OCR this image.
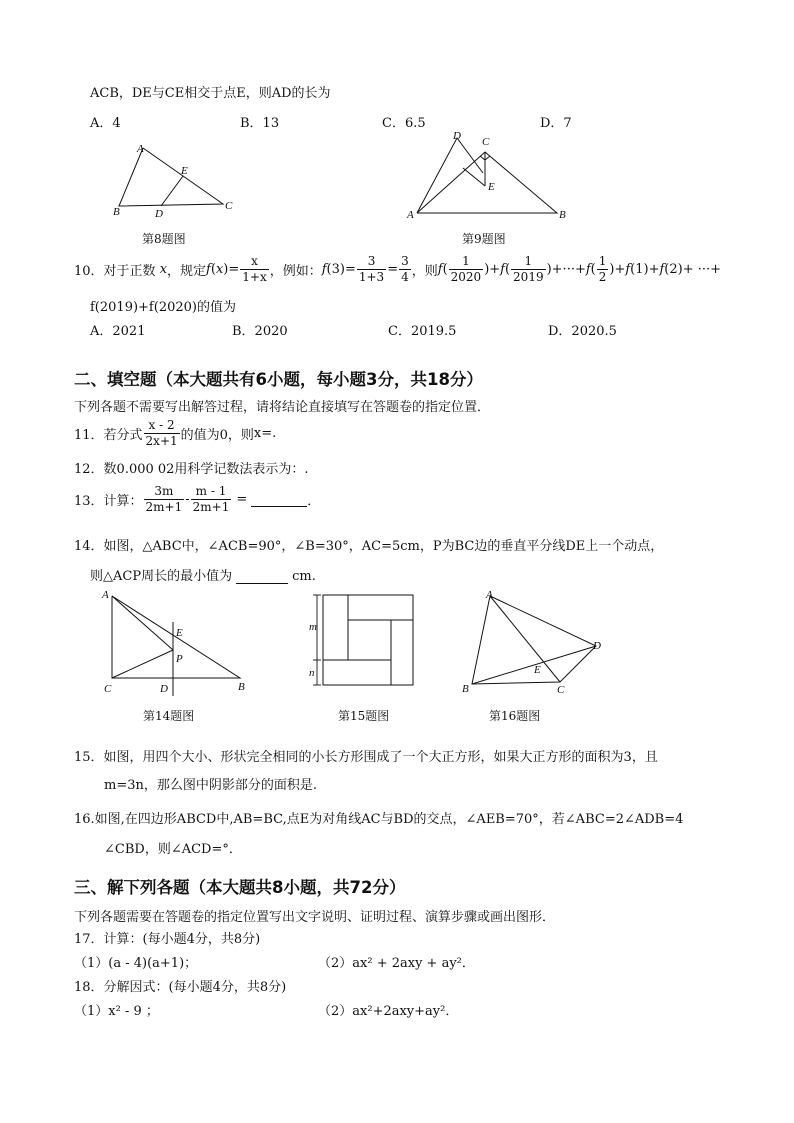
ACB，DE与CE相交于点E，则AD的长为
A．4	B．13	C．6.5	D．7
A
E
B	D
C
第8题图
D C
E
A	B
第9题图
10．对于正数 x ，规定 $f(x)= \frac{x}{1+x}$ ，例如： $f(3)= \frac{3}{1+3} = \frac{3}{4}$ ，则 $f( \frac{1}{2020} )+f( \frac{1}{2019} )+\cdot\cdot\cdot+f( \frac{1}{2} )+f(1)+f(2)+$ ···+
f(2019)+f(2020)的值为
A．2021	B．2020	C．2019.5	D．2020.5
二、填空题（本大题共有6小题，每小题3分，共18分）
下列各题不需要写出解答过程，请将结论直接填写在答题卷的指定位置．
11．若分式 $\frac{x - 2}{2x+1}$ 的值为0，则 x=.
12．数0.000 02用科学记数法表示为：.
13．计算： $\frac{3m}{2m+1} - \frac{m - 1}{2m+1}$ =	．
14．如图，△ABC中，∠ACB=90°，∠B=30°，AC=5cm，P为BC边的垂直平分线DE上一个动点，
则△ACP周长的最小值为	cm.
A
E
P
C	D	B
第14题图
m
n
第15题图
A
D
E
B	C
第16题图
15．如图，用四个大小、形状完全相同的小长方形围成了一个大正方形，如果大正方形的面积为3，且
m=3n，那么图中阴影部分的面积是.
16.如图,在四边形ABCD中,AB=BC,点E为对角线AC与BD的交点，∠AEB=70°，若∠ABC=2∠ADB=4
∠CBD，则∠ACD=°．
三、解下列各题（本大题共8小题，共72分）
下列各题需要在答题卷的指定位置写出文字说明、证明过程、演算步骤或画出图形．
17．计算：(每小题4分，共8分)
（1）(a - 4)(a+1)；	（2）ax² + 2axy + ay²．
18．分解因式：(每小题4分，共8分)
（1）x² - 9 ；	（2）ax²+2axy+ay²．
